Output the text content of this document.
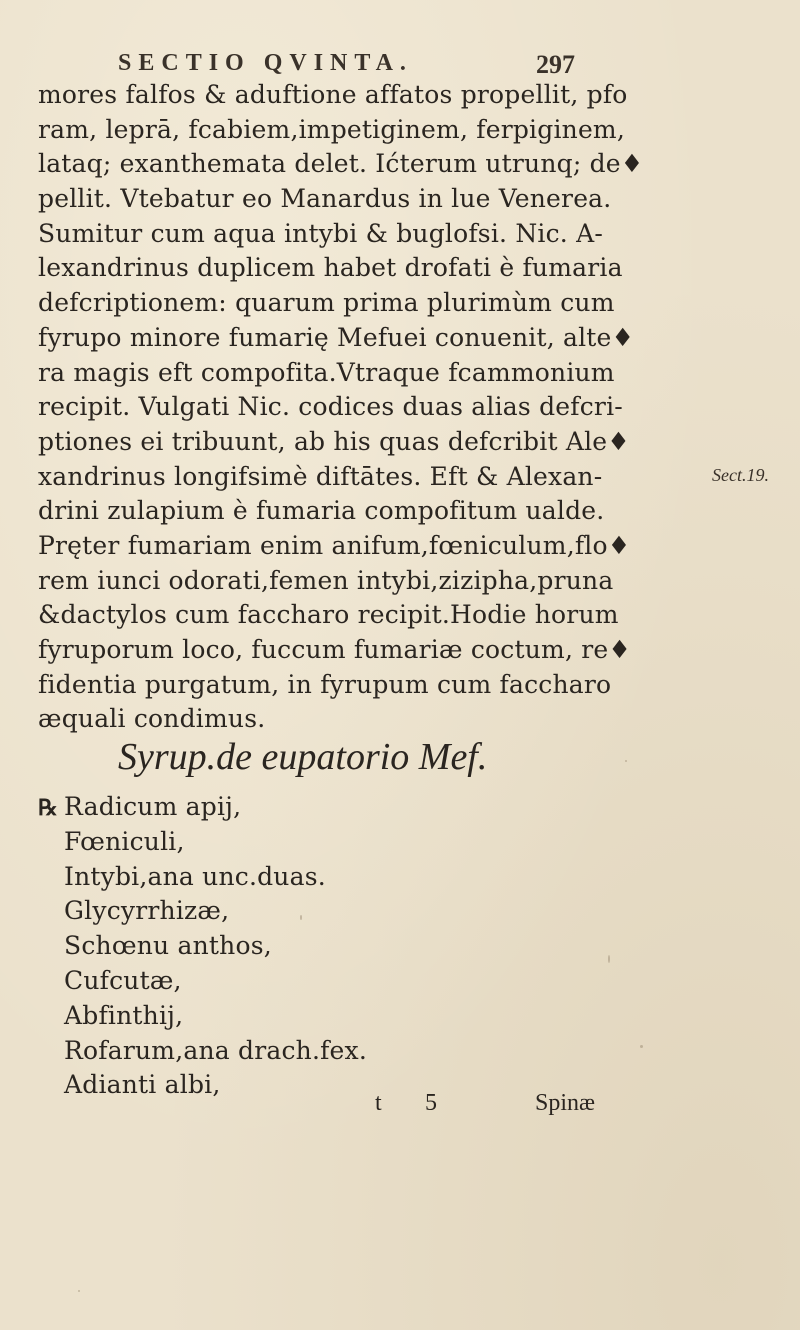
SECTIO QVINTA.	297
mores falfos & aduftione affatos propellit, pfo
ram, leprā, fcabiem,impetiginem, ferpiginem,
lataq; exanthemata delet. Ićterum utrunq; de♦
pellit. Vtebatur eo Manardus in lue Venerea.
Sumitur cum aqua intybi & buglofsi. Nic. A-
lexandrinus duplicem habet drofati è fumaria
defcriptionem: quarum prima plurimùm cum
fyrupo minore fumarię Mefuei conuenit, alte♦
ra magis eft compofita.Vtraque fcammonium
recipit. Vulgati Nic. codices duas alias defcri-
ptiones ei tribuunt, ab his quas defcribit Ale♦
xandrinus longifsimè diftātes. Eft & Alexan-
drini zulapium è fumaria compofitum ualde.
Pręter fumariam enim anifum,fœniculum,flo♦
rem iunci odorati,femen intybi,zizipha,pruna
&dactylos cum faccharo recipit.Hodie horum
fyruporum loco, fuccum fumariæ coctum, re♦
fidentia purgatum, in fyrupum cum faccharo
æquali condimus.
Sect.19.
Syrup.de eupatorio Mef.
℞ Radicum apij,
Fœniculi,
Intybi,ana unc.duas.
Glycyrrhizæ,
Schœnu anthos,
Cufcutæ,
Abfinthij,
Rofarum,ana drach.fex.
Adianti albi,
t 5	Spinæ
